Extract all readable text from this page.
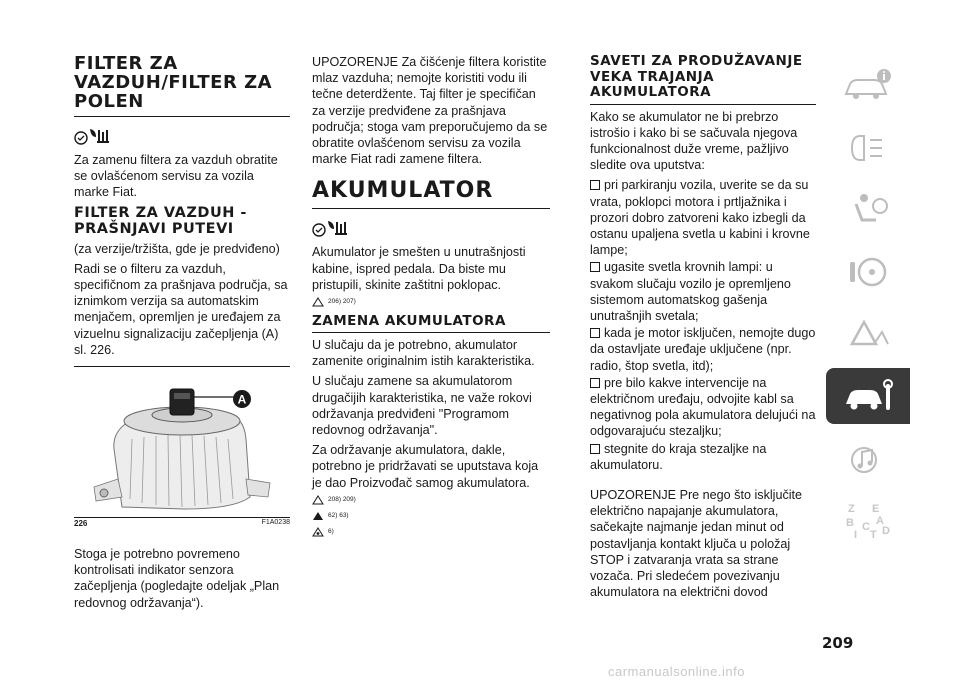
FILTER ZA VAZDUH/FILTER ZA POLEN

Za zamenu filtera za vazduh obratite se ovlašćenom servisu za vozila marke Fiat.

FILTER ZA VAZDUH - PRAŠNJAVI PUTEVI

(za verzije/tržišta, gde je predviđeno)

Radi se o filteru za vazduh, specifičnom za prašnjava područja, sa iznimkom verzija sa automatskim menjačem, opremljen je uređajem za vizuelnu signalizaciju začepljenja (A) sl. 226.

A
226	F1A0238

Stoga je potrebno povremeno kontrolisati indikator senzora začepljenja (pogledajte odeljak „Plan redovnog održavanja“).

UPOZORENJE Za čišćenje filtera koristite mlaz vazduha; nemojte koristiti vodu ili tečne deterdžente. Taj filter je specifičan za verzije predviđene za prašnjava područja; stoga vam preporučujemo da se obratite ovlašćenom servisu za vozila marke Fiat radi zamene filtera.

AKUMULATOR

Akumulator je smešten u unutrašnjosti kabine, ispred pedala. Da biste mu pristupili, skinite zaštitni poklopac.

206) 207)
ZAMENA AKUMULATORA

U slučaju da je potrebno, akumulator zamenite originalnim istih karakteristika.

U slučaju zamene sa akumulatorom drugačijih karakteristika, ne važe rokovi održavanja predviđeni "Programom redovnog održavanja".

Za održavanje akumulatora, dakle, potrebno je pridržavati se uputstava koja je dao Proizvođač samog akumulatora.

208) 209)
62) 63)
6)
SAVETI ZA PRODUŽAVANJE VEKA TRAJANJA AKUMULATORA

Kako se akumulator ne bi prebrzo istrošio i kako bi se sačuvala njegova funkcionalnost duže vreme, pažljivo sledite ova uputstva:

pri parkiranju vozila, uverite se da su vrata, poklopci motora i prtljažnika i prozori dobro zatvoreni kako izbegli da ostanu upaljena svetla u kabini i krovne lampe;
ugasite svetla krovnih lampi: u svakom slučaju vozilo je opremljeno sistemom automatskog gašenja unutrašnjih svetala;
kada je motor isključen, nemojte dugo da ostavljate uređaje uključene (npr. radio, štop svetla, itd);
pre bilo kakve intervencije na električnom uređaju, odvojite kabl sa negativnog pola akumulatora delujući na odgovarajuću stezaljku;
stegnite do kraja stezaljke na akumulatoru.

UPOZORENJE Pre nego što isključite električno napajanje akumulatora, sačekajte najmanje jedan minut od postavljanja kontakt ključa u položaj STOP i zatvaranja vrata sa strane vozača. Pri sledećem povezivanju akumulatora na električni dovod

Z E
B A
I
C
T D
209
carmanualsonline.info
